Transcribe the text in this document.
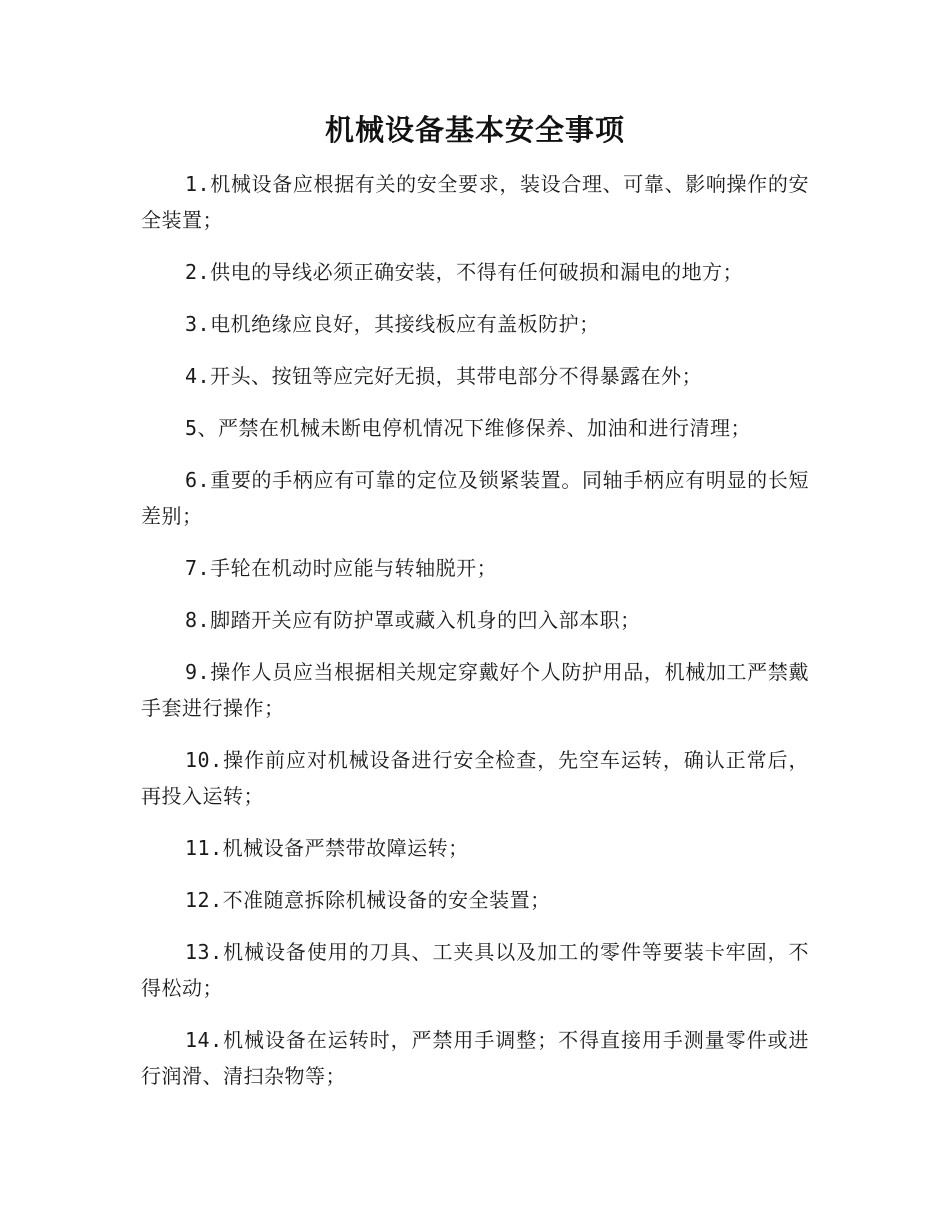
机械设备基本安全事项

1.机械设备应根据有关的安全要求，装设合理、可靠、影响操作的安全装置；

2.供电的导线必须正确安装，不得有任何破损和漏电的地方；

3.电机绝缘应良好，其接线板应有盖板防护；

4.开头、按钮等应完好无损，其带电部分不得暴露在外；

5、严禁在机械未断电停机情况下维修保养、加油和进行清理；

6.重要的手柄应有可靠的定位及锁紧装置。同轴手柄应有明显的长短差别；

7.手轮在机动时应能与转轴脱开；

8.脚踏开关应有防护罩或藏入机身的凹入部本职；

9.操作人员应当根据相关规定穿戴好个人防护用品，机械加工严禁戴手套进行操作；

10.操作前应对机械设备进行安全检查，先空车运转，确认正常后，再投入运转；

11.机械设备严禁带故障运转；

12.不准随意拆除机械设备的安全装置；

13.机械设备使用的刀具、工夹具以及加工的零件等要装卡牢固，不得松动；

14.机械设备在运转时，严禁用手调整；不得直接用手测量零件或进行润滑、清扫杂物等；
